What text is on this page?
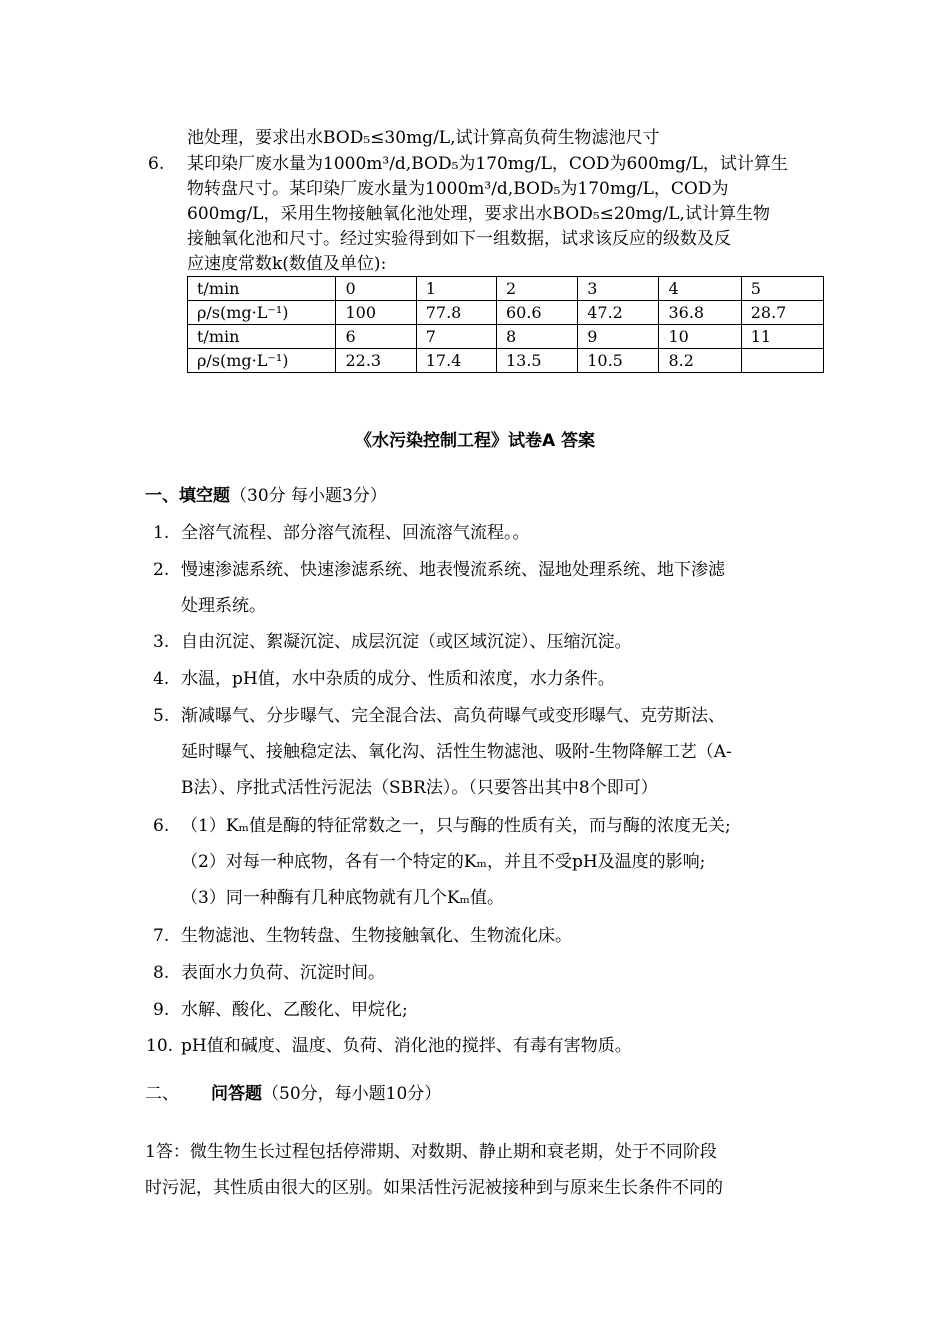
池处理，要求出水BOD₅≤30mg/L,试计算高负荷生物滤池尺寸
6. 某印染厂废水量为1000m³/d,BOD₅为170mg/L，COD为600mg/L，试计算生
物转盘尺寸。某印染厂废水量为1000m³/d,BOD₅为170mg/L，COD为
600mg/L，采用生物接触氧化池处理，要求出水BOD₅≤20mg/L,试计算生物
接触氧化池和尺寸。经过实验得到如下一组数据，试求该反应的级数及反
应速度常数k(数值及单位):
t/min	0	1	2	3	4	5
ρ/s(mg·L⁻¹)	100	77.8	60.6	47.2	36.8	28.7
t/min	6	7	8	9	10	11
ρ/s(mg·L⁻¹)	22.3	17.4	13.5	10.5	8.2	
《水污染控制工程》试卷A 答案
一、填空题（30分 每小题3分）
1. 全溶气流程、部分溶气流程、回流溶气流程。。
2. 慢速渗滤系统、快速渗滤系统、地表慢流系统、湿地处理系统、地下渗滤
处理系统。
3. 自由沉淀、絮凝沉淀、成层沉淀（或区域沉淀）、压缩沉淀。
4. 水温，pH值，水中杂质的成分、性质和浓度，水力条件。
5. 渐减曝气、分步曝气、完全混合法、高负荷曝气或变形曝气、克劳斯法、
延时曝气、接触稳定法、氧化沟、活性生物滤池、吸附-生物降解工艺（A-
B法）、序批式活性污泥法（SBR法）。（只要答出其中8个即可）
6. （1）Kₘ值是酶的特征常数之一，只与酶的性质有关，而与酶的浓度无关;
（2）对每一种底物，各有一个特定的Kₘ，并且不受pH及温度的影响;
（3）同一种酶有几种底物就有几个Kₘ值。
7. 生物滤池、生物转盘、生物接触氧化、生物流化床。
8. 表面水力负荷、沉淀时间。
9. 水解、酸化、乙酸化、甲烷化;
10. pH值和碱度、温度、负荷、消化池的搅拌、有毒有害物质。
二、 问答题（50分，每小题10分）
1答：微生物生长过程包括停滞期、对数期、静止期和衰老期，处于不同阶段
时污泥，其性质由很大的区别。如果活性污泥被接种到与原来生长条件不同的
